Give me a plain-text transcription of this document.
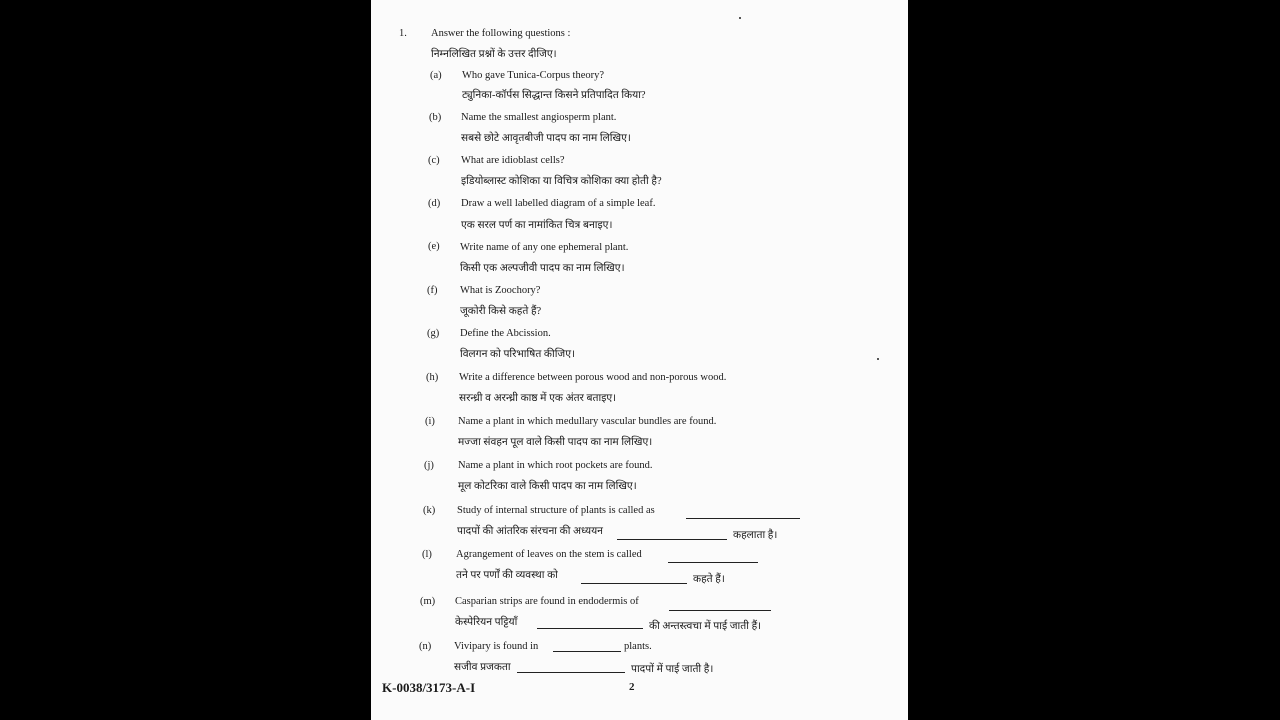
1. Answer the following questions :
निम्नलिखित प्रश्नों के उत्तर दीजिए।
(a) Who gave Tunica-Corpus theory?
ट्युनिका-कॉर्पस सिद्धान्त किसने प्रतिपादित किया?
(b) Name the smallest angiosperm plant.
सबसे छोटे आवृतबीजी पादप का नाम लिखिए।
(c) What are idioblast cells?
इडियोब्लास्ट कोशिका या विचित्र कोशिका क्या होती है?
(d) Draw a well labelled diagram of a simple leaf.
एक सरल पर्ण का नामांकित चित्र बनाइए।
(e) Write name of any one ephemeral plant.
किसी एक अल्पजीवी पादप का नाम लिखिए।
(f) What is Zoochory?
जूकोरी किसे कहते हैं?
(g) Define the Abcission.
विलगन को परिभाषित कीजिए।
(h) Write a difference between porous wood and non-porous wood.
सरन्ध्री व अरन्ध्री काष्ठ में एक अंतर बताइए।
(i) Name a plant in which medullary vascular bundles are found.
मज्जा संवहन पूल वाले किसी पादप का नाम लिखिए।
(j) Name a plant in which root pockets are found.
मूल कोटरिका वाले किसी पादप का नाम लिखिए।
(k) Study of internal structure of plants is called as
पादपों की आंतरिक संरचना की अध्ययन	कहलाता है।
(l) Agrangement of leaves on the stem is called
तने पर पर्णों की व्यवस्था को	कहते हैं।
(m) Casparian strips are found in endodermis of
केस्पेरियन पट्टियाँ	की अन्तस्त्वचा में पाई जाती हैं।
(n) Vivipary is found in	plants.
सजीव प्रजकता	पादपों में पाई जाती है।
K-0038/3173-A-I	2
